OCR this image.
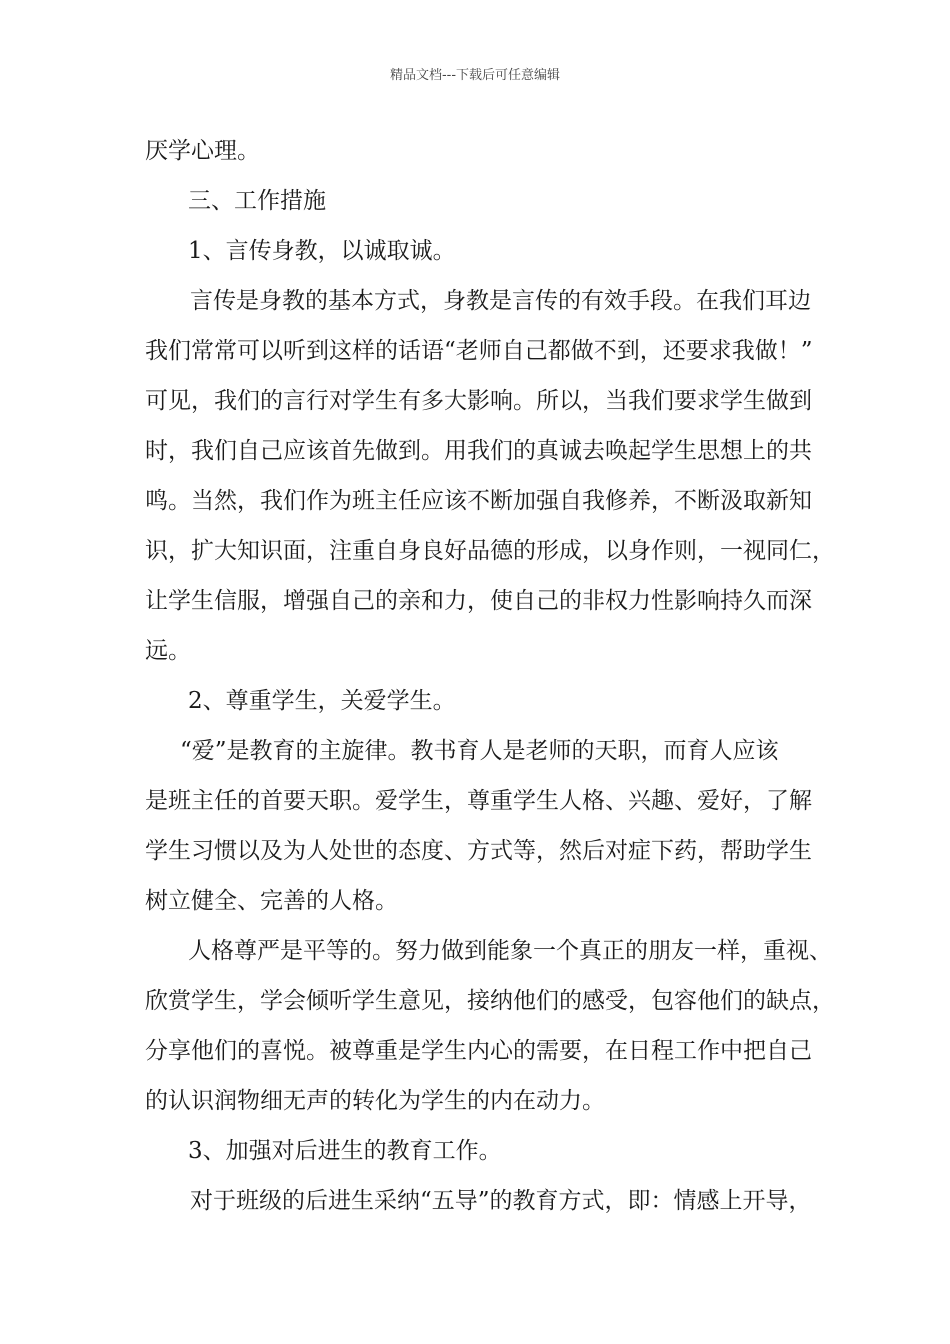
精品文档---下载后可任意编辑
厌学心理。
三、工作措施
1、言传身教，以诚取诚。
言传是身教的基本方式，身教是言传的有效手段。在我们耳边
我们常常可以听到这样的话语“老师自己都做不到，还要求我做！”
可见，我们的言行对学生有多大影响。所以，当我们要求学生做到
时，我们自己应该首先做到。用我们的真诚去唤起学生思想上的共
鸣。当然，我们作为班主任应该不断加强自我修养，不断汲取新知
识，扩大知识面，注重自身良好品德的形成，以身作则，一视同仁，
让学生信服，增强自己的亲和力，使自己的非权力性影响持久而深
远。
2、尊重学生，关爱学生。
“爱”是教育的主旋律。教书育人是老师的天职，而育人应该
是班主任的首要天职。爱学生，尊重学生人格、兴趣、爱好，了解
学生习惯以及为人处世的态度、方式等，然后对症下药，帮助学生
树立健全、完善的人格。
人格尊严是平等的。努力做到能象一个真正的朋友一样，重视、
欣赏学生，学会倾听学生意见，接纳他们的感受，包容他们的缺点，
分享他们的喜悦。被尊重是学生内心的需要，在日程工作中把自己
的认识润物细无声的转化为学生的内在动力。
3、加强对后进生的教育工作。
对于班级的后进生采纳“五导”的教育方式，即：情感上开导，
